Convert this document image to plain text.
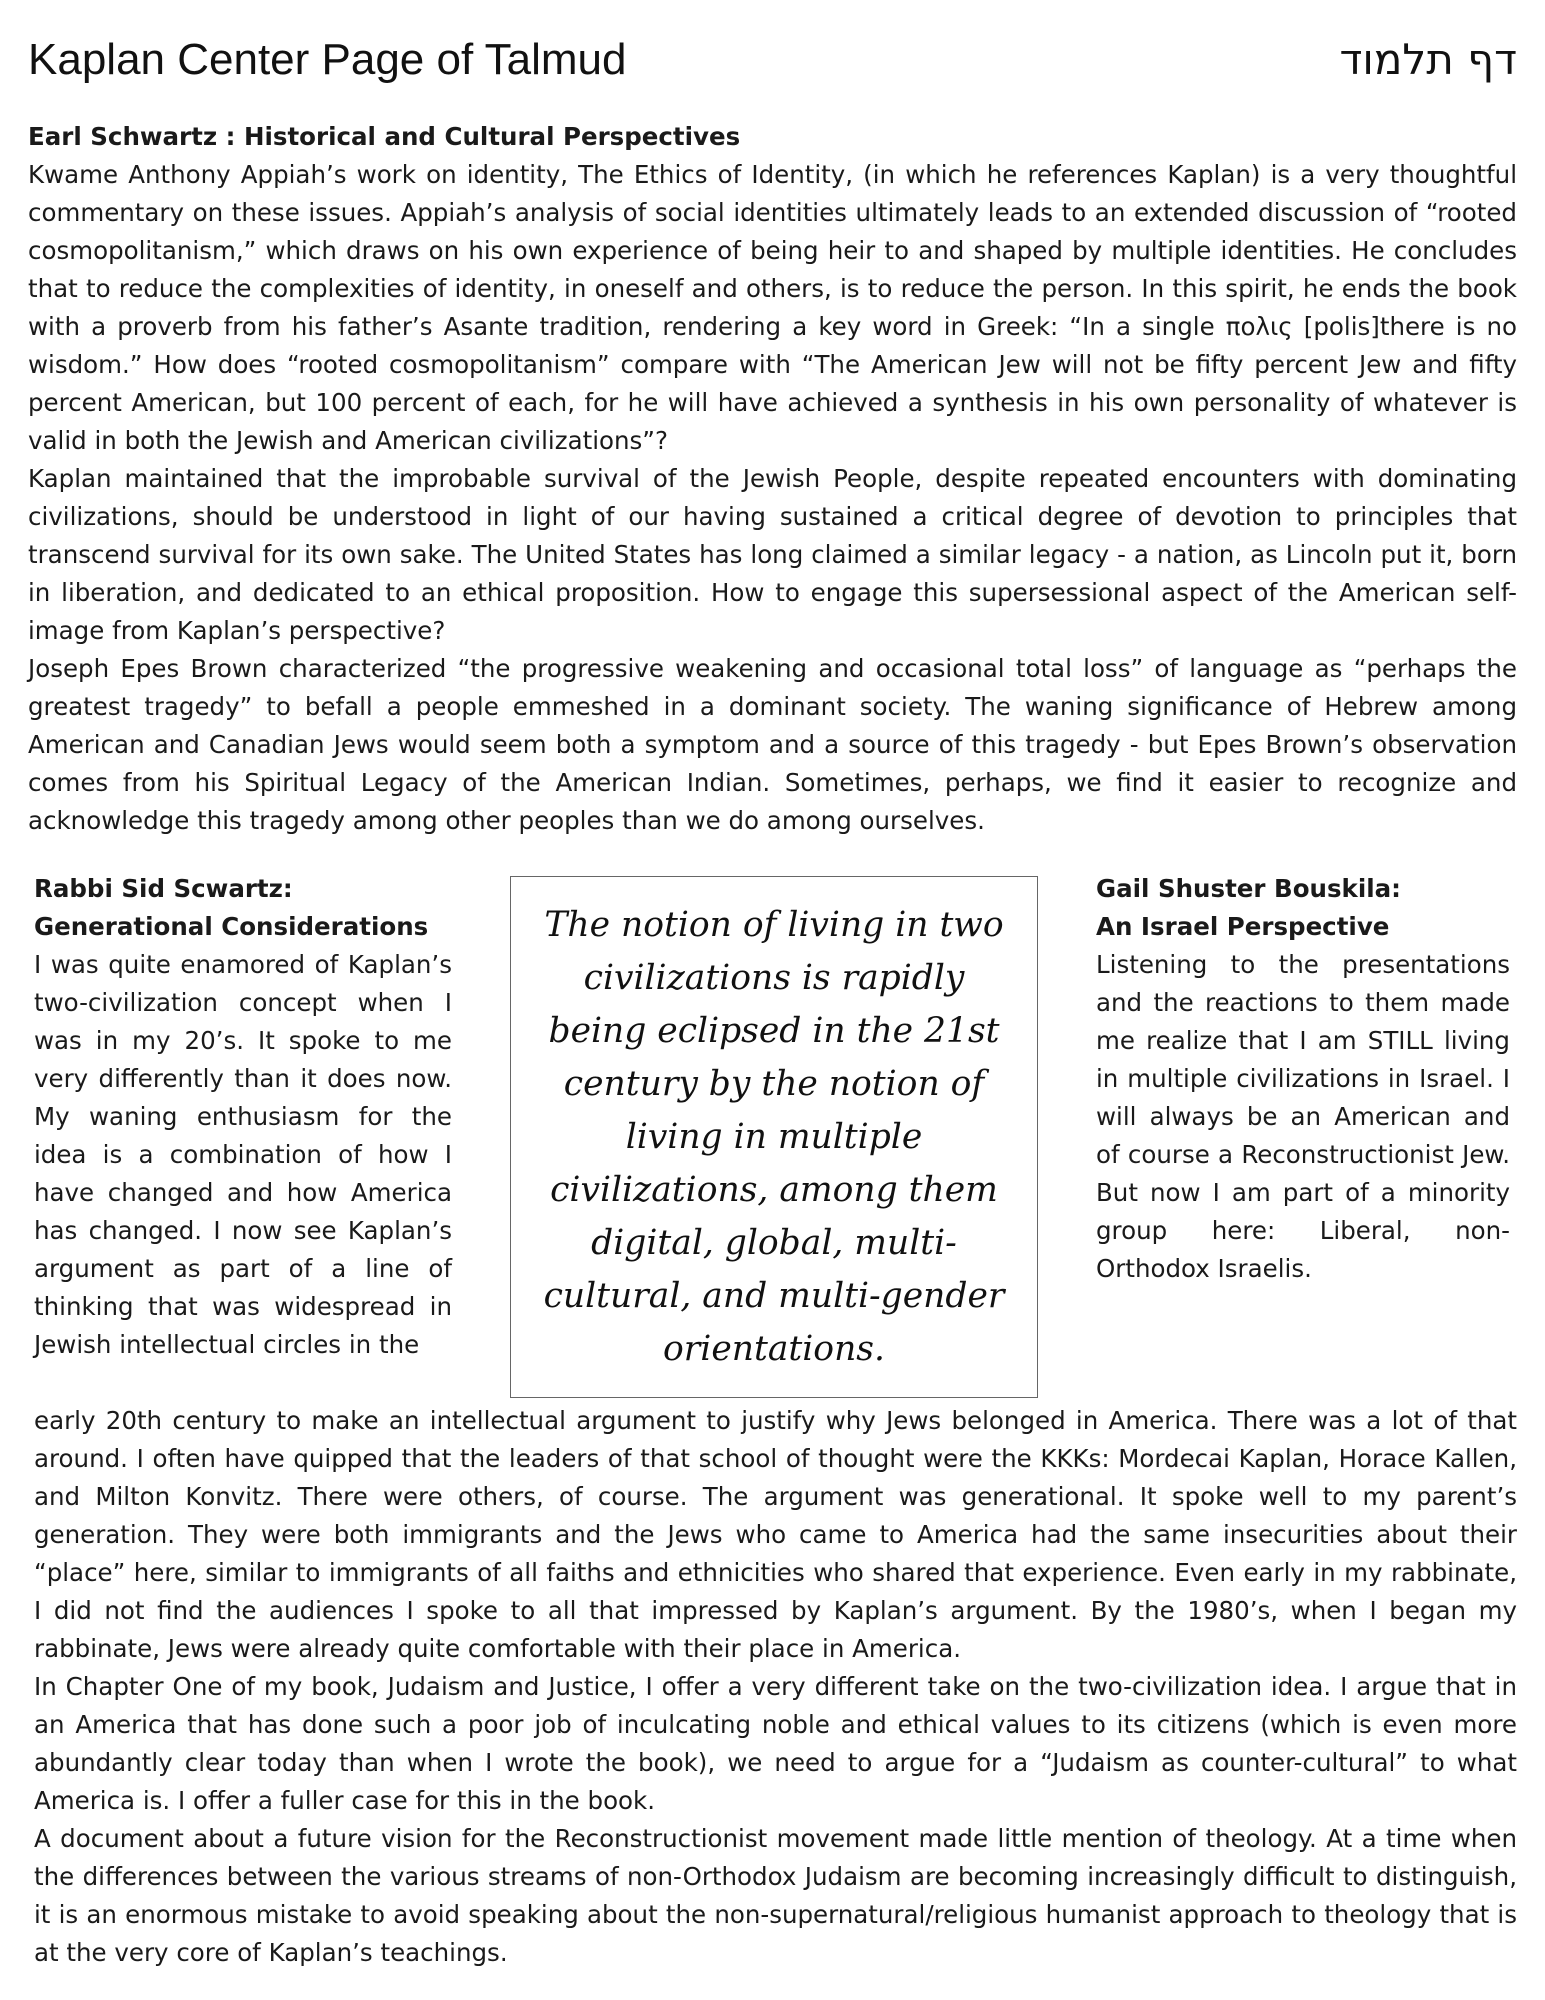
Kaplan Center Page of Talmud	דף תלמוד
Earl Schwartz : Historical and Cultural Perspectives

Kwame Anthony Appiah’s work on identity, The Ethics of Identity, (in which he references Kaplan) is a very thoughtful commentary on these issues. Appiah’s analysis of social identities ultimately leads to an extended discussion of “rooted cosmopolitanism,” which draws on his own experience of being heir to and shaped by multiple identities. He concludes that to reduce the complexities of identity, in oneself and others, is to reduce the person. In this spirit, he ends the book with a proverb from his father’s Asante tradition, rendering a key word in Greek: “In a single πολις [polis]there is no wisdom.” How does “rooted cosmopolitanism” compare with “The American Jew will not be fifty percent Jew and fifty percent American, but 100 percent of each, for he will have achieved a synthesis in his own personality of whatever is valid in both the Jewish and American civilizations”?

Kaplan maintained that the improbable survival of the Jewish People, despite repeated encounters with dominating civilizations, should be understood in light of our having sustained a critical degree of devotion to principles that transcend survival for its own sake. The United States has long claimed a similar legacy - a nation, as Lincoln put it, born in liberation, and dedicated to an ethical proposition. How to engage this supersessional aspect of the American self-image from Kaplan’s perspective?

Joseph Epes Brown characterized “the progressive weakening and occasional total loss” of language as “perhaps the greatest tragedy” to befall a people emmeshed in a dominant society. The waning significance of Hebrew among American and Canadian Jews would seem both a symptom and a source of this tragedy - but Epes Brown’s observation comes from his Spiritual Legacy of the American Indian. Sometimes, perhaps, we find it easier to recognize and acknowledge this tragedy among other peoples than we do among ourselves.

Rabbi Sid Scwartz:
Generational Considerations

I was quite enamored of Kaplan’s two-civilization concept when I was in my 20’s. It spoke to me very differently than it does now. My waning enthusiasm for the idea is a combination of how I have changed and how America has changed. I now see Kaplan’s argument as part of a line of thinking that was widespread in Jewish intellectual circles in the

The notion of living in two civilizations is rapidly being eclipsed in the 21st century by the notion of living in multiple civilizations, among them digital, global, multi-cultural, and multi-gender orientations.
Gail Shuster Bouskila:
An Israel Perspective

Listening to the presentations and the reactions to them made me realize that I am STILL living in multiple civilizations in Israel. I will always be an American and of course a Reconstructionist Jew. But now I am part of a minority group here: Liberal, non-Orthodox Israelis.

early 20th century to make an intellectual argument to justify why Jews belonged in America. There was a lot of that around. I often have quipped that the leaders of that school of thought were the KKKs: Mordecai Kaplan, Horace Kallen, and Milton Konvitz. There were others, of course. The argument was generational. It spoke well to my parent’s generation. They were both immigrants and the Jews who came to America had the same insecurities about their “place” here, similar to immigrants of all faiths and ethnicities who shared that experience. Even early in my rabbinate, I did not find the audiences I spoke to all that impressed by Kaplan’s argument. By the 1980’s, when I began my rabbinate, Jews were already quite comfortable with their place in America.

In Chapter One of my book, Judaism and Justice, I offer a very different take on the two-civilization idea. I argue that in an America that has done such a poor job of inculcating noble and ethical values to its citizens (which is even more abundantly clear today than when I wrote the book), we need to argue for a “Judaism as counter-cultural” to what America is. I offer a fuller case for this in the book.

A document about a future vision for the Reconstructionist movement made little mention of theology. At a time when the differences between the various streams of non-Orthodox Judaism are becoming increasingly difficult to distinguish, it is an enormous mistake to avoid speaking about the non-supernatural/religious humanist approach to theology that is at the very core of Kaplan’s teachings.
